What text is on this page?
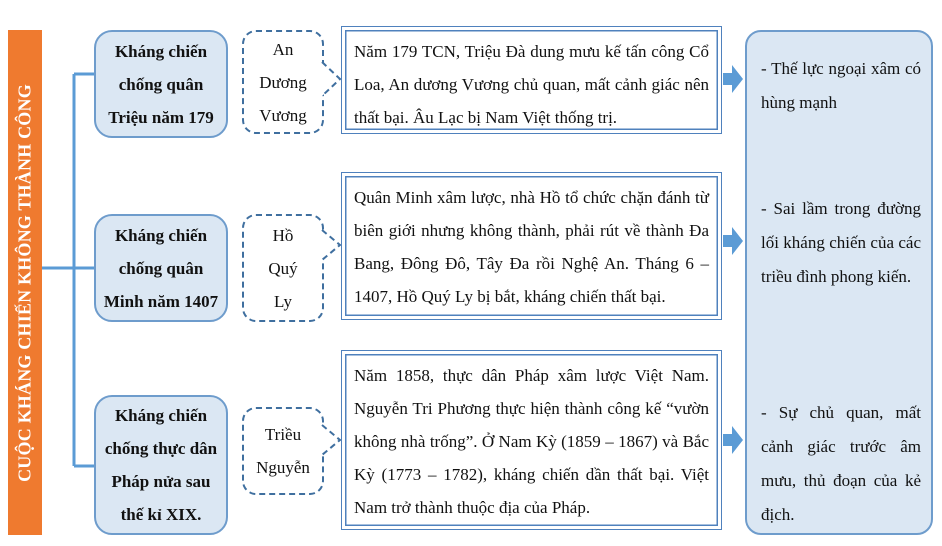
CUỘC KHÁNG CHIẾN KHÔNG THÀNH CÔNG
Kháng chiến
chống quân
Triệu năm 179
An
Dương
Vương
Năm 179 TCN, Triệu Đà dung mưu kế tấn công Cổ Loa, An dương Vương chủ quan, mất cảnh giác nên thất bại. Âu Lạc bị Nam Việt thống trị.
Kháng chiến
chống quân
Minh năm 1407
Hồ
Quý
Ly
Quân Minh xâm lược, nhà Hồ tổ chức chặn đánh từ biên giới nhưng không thành, phải rút về thành Đa Bang, Đông Đô, Tây Đa rồi Nghệ An. Tháng 6 – 1407, Hồ Quý Ly bị bắt, kháng chiến thất bại.
Kháng chiến
chống thực dân
Pháp nửa sau
thế kỉ XIX.
Triều
Nguyễn
Năm 1858, thực dân Pháp xâm lược Việt Nam. Nguyễn Tri Phương thực hiện thành công kế “vườn không nhà trống”. Ở Nam Kỳ (1859 – 1867) và Bắc Kỳ (1773 – 1782), kháng chiến dần thất bại. Việt Nam trở thành thuộc địa của Pháp.
- Thế lực ngoại xâm có hùng mạnh
- Sai lầm trong đường lối kháng chiến của các triều đình phong kiến.
- Sự chủ quan, mất cảnh giác trước âm mưu, thủ đoạn của kẻ địch.
